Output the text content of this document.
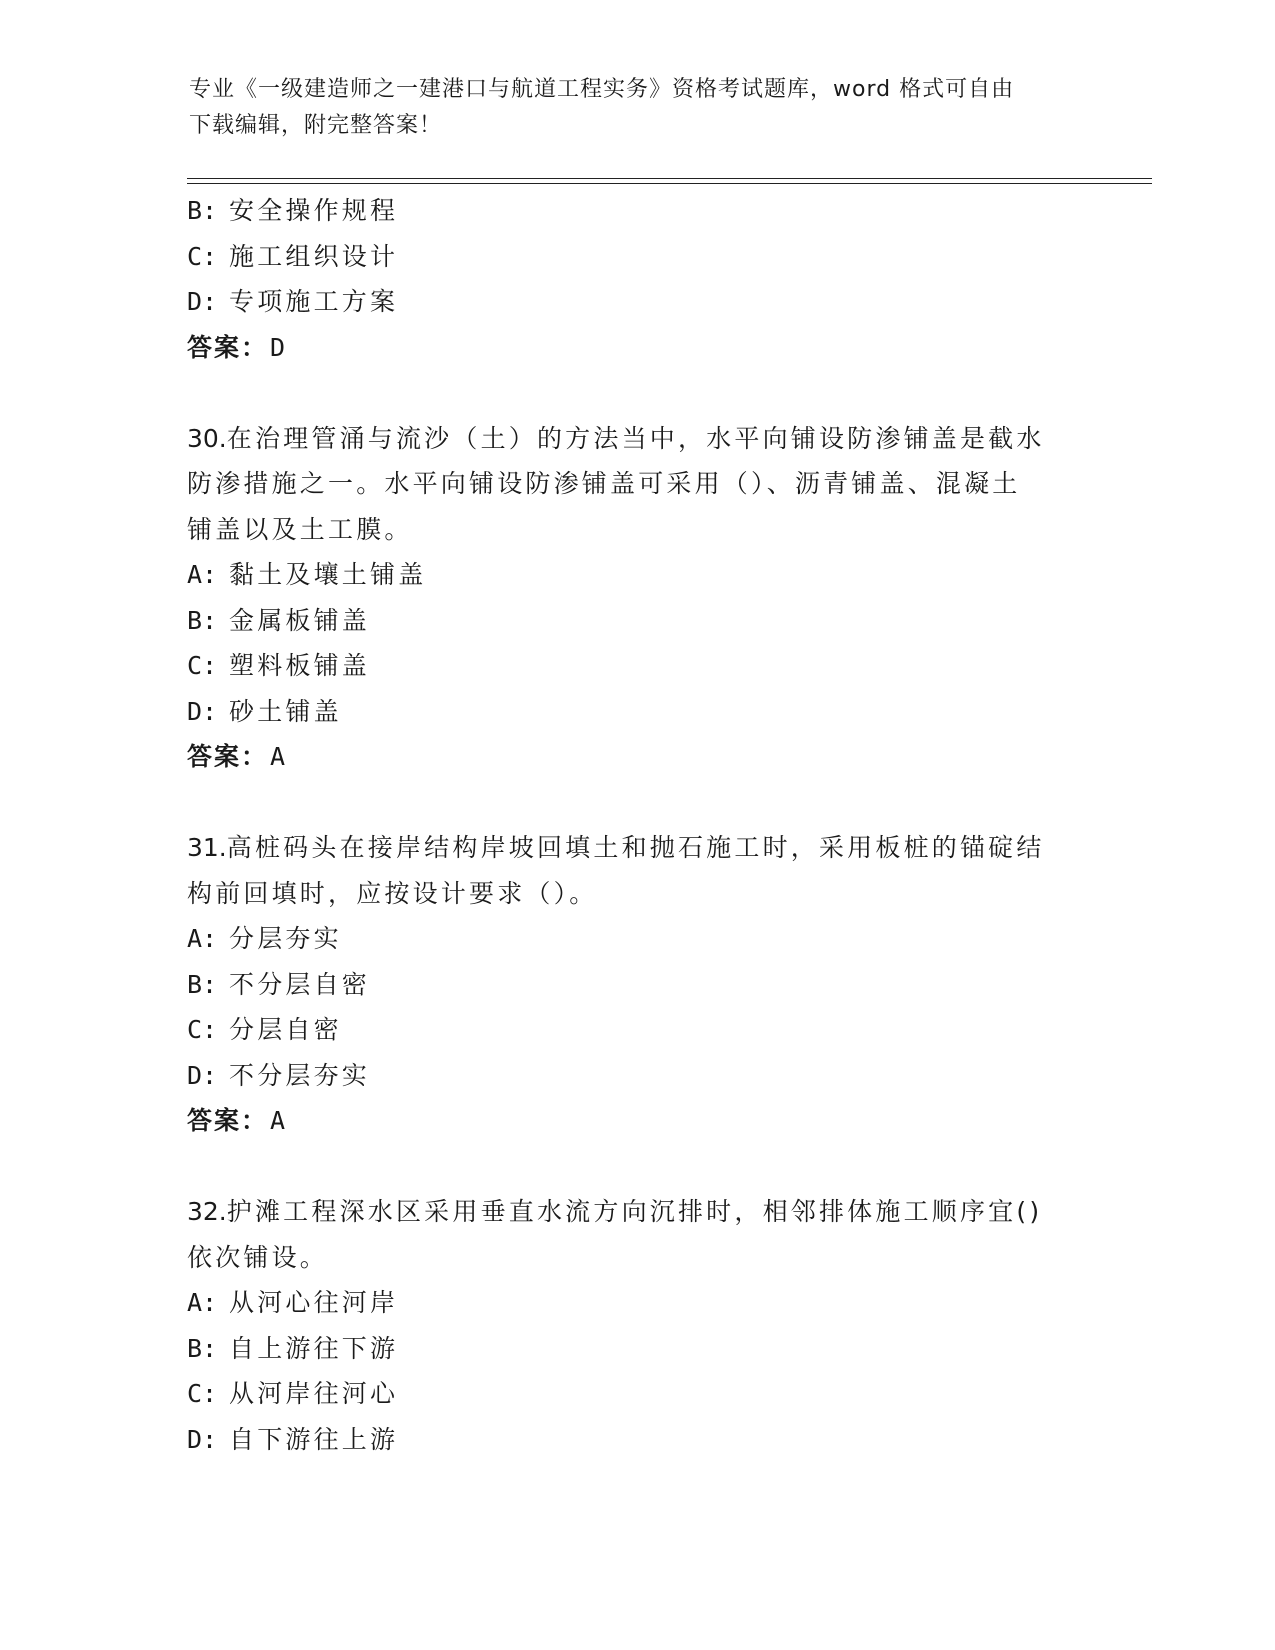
专业《一级建造师之一建港口与航道工程实务》资格考试题库，word 格式可自由
下载编辑，附完整答案！
B: 安全操作规程
C: 施工组织设计
D: 专项施工方案
答案：D
30.在治理管涌与流沙（土）的方法当中，水平向铺设防渗铺盖是截水
防渗措施之一。水平向铺设防渗铺盖可采用（）、沥青铺盖、混凝土
铺盖以及土工膜。
A: 黏土及壤土铺盖
B: 金属板铺盖
C: 塑料板铺盖
D: 砂土铺盖
答案：A
31.高桩码头在接岸结构岸坡回填土和抛石施工时，采用板桩的锚碇结
构前回填时，应按设计要求（）。
A: 分层夯实
B: 不分层自密
C: 分层自密
D: 不分层夯实
答案：A
32.护滩工程深水区采用垂直水流方向沉排时，相邻排体施工顺序宜()
依次铺设。
A: 从河心往河岸
B: 自上游往下游
C: 从河岸往河心
D: 自下游往上游
